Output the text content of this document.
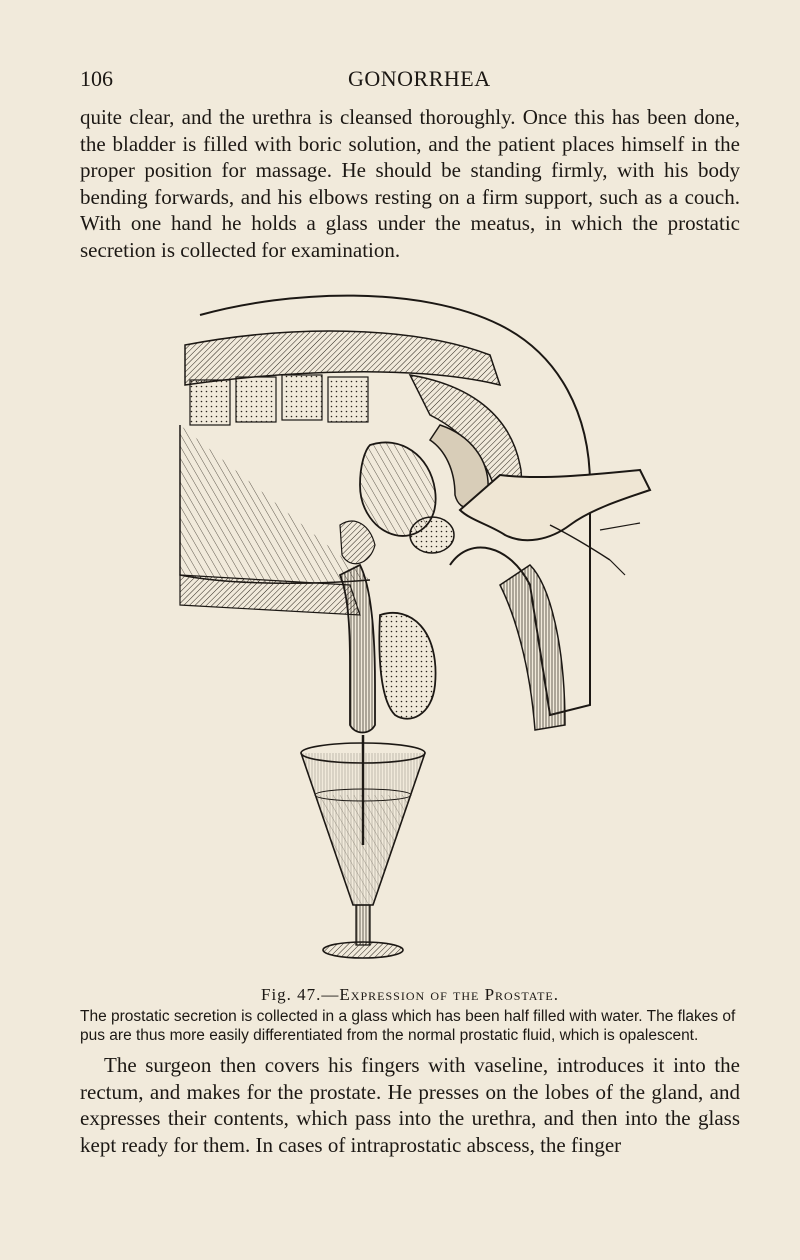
106	GONORRHEA

quite clear, and the urethra is cleansed thoroughly. Once this has been done, the bladder is filled with boric solution, and the patient places himself in the proper position for massage. He should be standing firmly, with his body bending forwards, and his elbows resting on a firm support, such as a couch. With one hand he holds a glass under the meatus, in which the prostatic secretion is collected for examination.

Fig. 47.—Expression of the Prostate.

The prostatic secretion is collected in a glass which has been half filled with water. The flakes of pus are thus more easily differentiated from the normal prostatic fluid, which is opalescent.

The surgeon then covers his fingers with vaseline, introduces it into the rectum, and makes for the prostate. He presses on the lobes of the gland, and expresses their contents, which pass into the urethra, and then into the glass kept ready for them. In cases of intraprostatic abscess, the finger
